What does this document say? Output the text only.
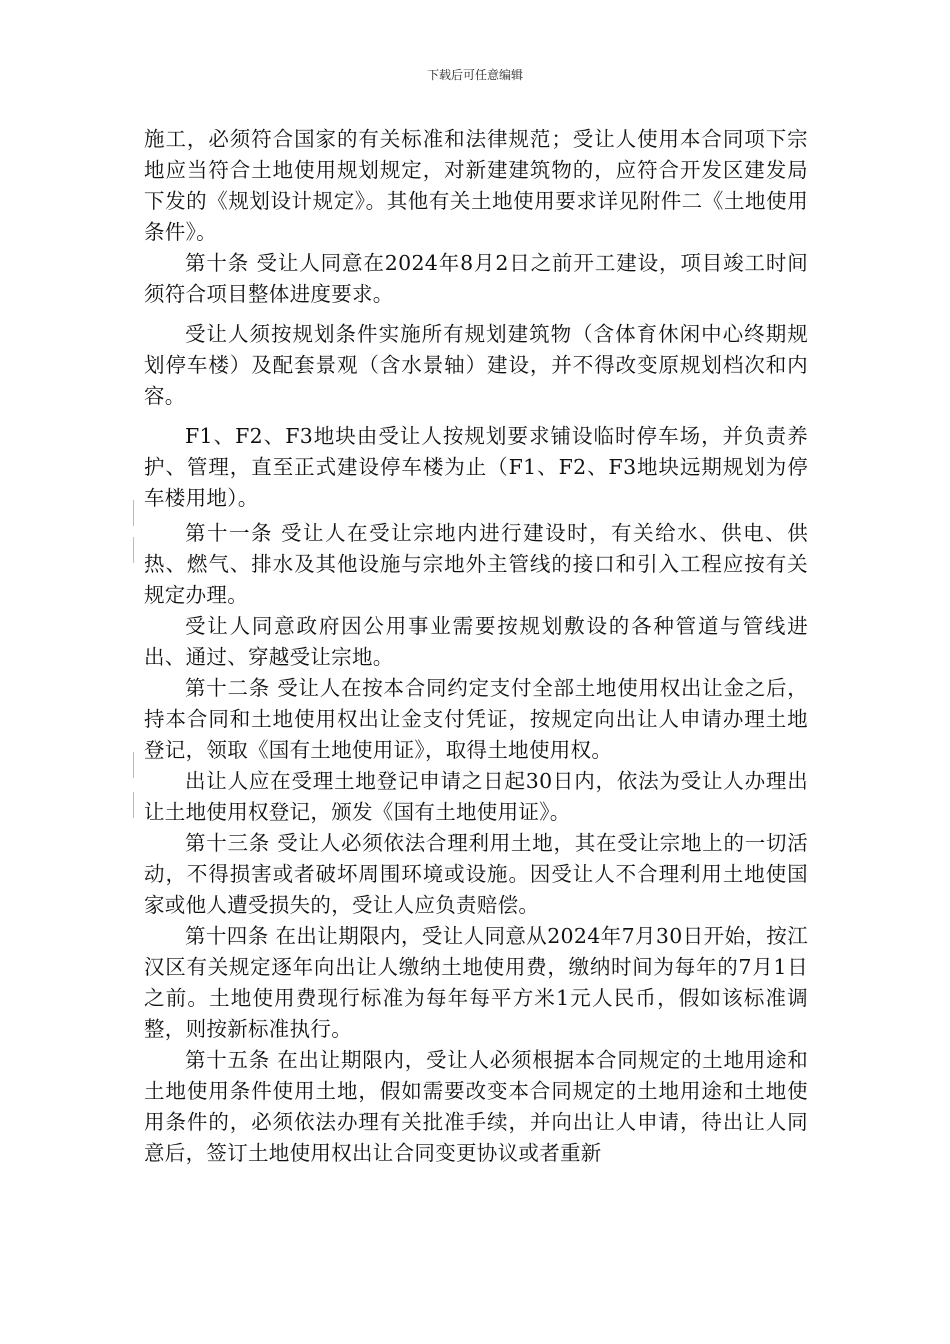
下载后可任意编辑

施工，必须符合国家的有关标准和法律规范；受让人使用本合同项下宗地应当符合土地使用规划规定，对新建建筑物的，应符合开发区建发局下发的《规划设计规定》。其他有关土地使用要求详见附件二《土地使用条件》。

第十条 受让人同意在2024年8月2日之前开工建设，项目竣工时间须符合项目整体进度要求。

受让人须按规划条件实施所有规划建筑物（含体育休闲中心终期规划停车楼）及配套景观（含水景轴）建设，并不得改变原规划档次和内容。

F1、F2、F3地块由受让人按规划要求铺设临时停车场，并负责养护、管理，直至正式建设停车楼为止（F1、F2、F3地块远期规划为停车楼用地）。

第十一条 受让人在受让宗地内进行建设时，有关给水、供电、供热、燃气、排水及其他设施与宗地外主管线的接口和引入工程应按有关规定办理。

受让人同意政府因公用事业需要按规划敷设的各种管道与管线进出、通过、穿越受让宗地。

第十二条 受让人在按本合同约定支付全部土地使用权出让金之后，持本合同和土地使用权出让金支付凭证，按规定向出让人申请办理土地登记，领取《国有土地使用证》，取得土地使用权。

出让人应在受理土地登记申请之日起30日内，依法为受让人办理出让土地使用权登记，颁发《国有土地使用证》。

第十三条 受让人必须依法合理利用土地，其在受让宗地上的一切活动，不得损害或者破坏周围环境或设施。因受让人不合理利用土地使国家或他人遭受损失的，受让人应负责赔偿。

第十四条 在出让期限内，受让人同意从2024年7月30日开始，按江汉区有关规定逐年向出让人缴纳土地使用费，缴纳时间为每年的7月1日之前。土地使用费现行标准为每年每平方米1元人民币，假如该标准调整，则按新标准执行。

第十五条 在出让期限内，受让人必须根据本合同规定的土地用途和土地使用条件使用土地，假如需要改变本合同规定的土地用途和土地使用条件的，必须依法办理有关批准手续，并向出让人申请，待出让人同意后，签订土地使用权出让合同变更协议或者重新
